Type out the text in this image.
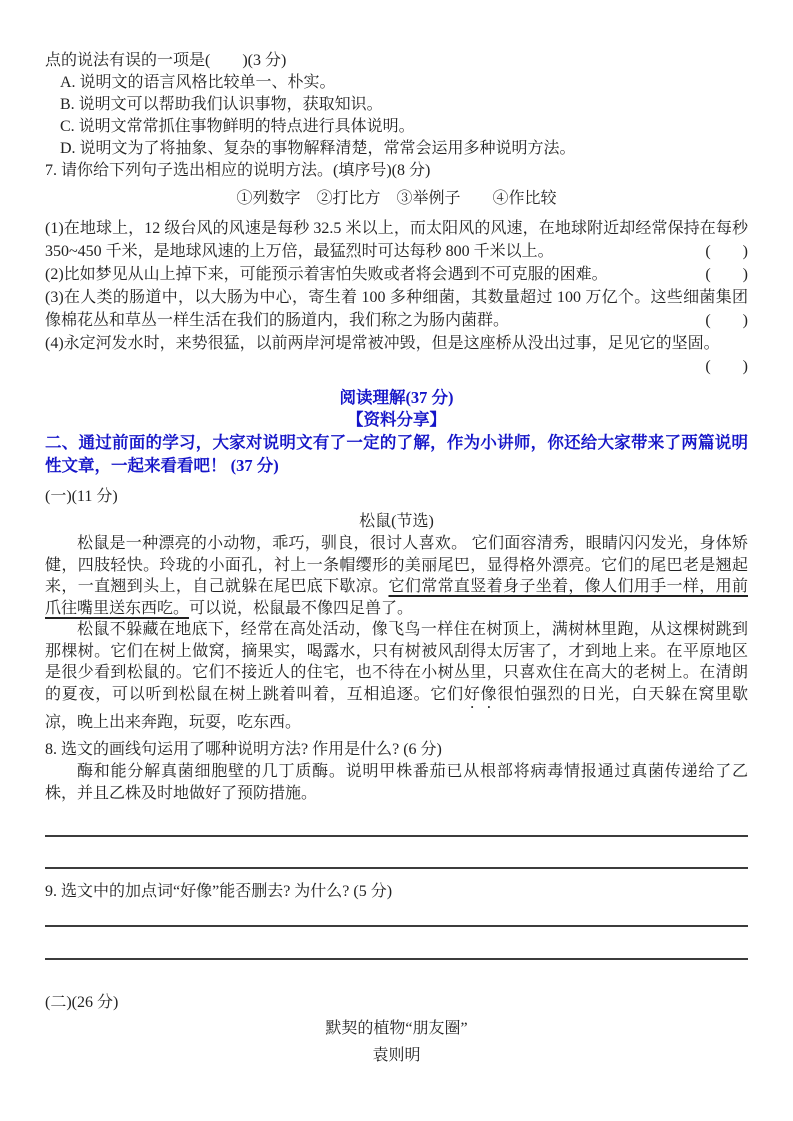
点的说法有误的一项是(　　)(3 分)

A. 说明文的语言风格比较单一、朴实。

B. 说明文可以帮助我们认识事物，获取知识。

C. 说明文常常抓住事物鲜明的特点进行具体说明。

D. 说明文为了将抽象、复杂的事物解释清楚，常常会运用多种说明方法。

7. 请你给下列句子选出相应的说明方法。(填序号)(8 分)

①列数字　②打比方　③举例子　　④作比较

(1)在地球上，12 级台风的风速是每秒 32.5 米以上，而太阳风的风速，在地球附近却经常保持在每秒 350~450 千米，是地球风速的上万倍，最猛烈时可达每秒 800 千米以上。	(　　)

(2)比如梦见从山上掉下来，可能预示着害怕失败或者将会遇到不可克服的困难。	(　　)

(3)在人类的肠道中，以大肠为中心，寄生着 100 多种细菌，其数量超过 100 万亿个。这些细菌集团像棉花丛和草丛一样生活在我们的肠道内，我们称之为肠内菌群。	(　　)

(4)永定河发水时，来势很猛，以前两岸河堤常被冲毁，但是这座桥从没出过事，足见它的坚固。
(　　)

阅读理解(37 分)
【资料分享】

二、通过前面的学习，大家对说明文有了一定的了解，作为小讲师，你还给大家带来了两篇说明性文章，一起来看看吧！ (37 分)

(一)(11 分)

松鼠(节选)

松鼠是一种漂亮的小动物，乖巧，驯良，很讨人喜欢。 它们面容清秀，眼睛闪闪发光，身体矫健，四肢轻快。玲珑的小面孔，衬上一条帽缨形的美丽尾巴，显得格外漂亮。它们的尾巴老是翘起来，一直翘到头上，自己就躲在尾巴底下歇凉。它们常常直竖着身子坐着，像人们用手一样，用前爪往嘴里送东西吃。可以说，松鼠最不像四足兽了。

松鼠不躲藏在地底下，经常在高处活动，像飞鸟一样住在树顶上，满树林里跑，从这棵树跳到那棵树。它们在树上做窝，摘果实，喝露水，只有树被风刮得太厉害了，才到地上来。在平原地区是很少看到松鼠的。它们不接近人的住宅，也不待在小树丛里，只喜欢住在高大的老树上。在清朗的夏夜，可以听到松鼠在树上跳着叫着，互相追逐。它们好像很怕强烈的日光，白天躲在窝里歇凉，晚上出来奔跑，玩耍，吃东西。

8. 选文的画线句运用了哪种说明方法? 作用是什么? (6 分)

酶和能分解真菌细胞壁的几丁质酶。说明甲株番茄已从根部将病毒情报通过真菌传递给了乙株，并且乙株及时地做好了预防措施。

9. 选文中的加点词“好像”能否删去? 为什么? (5 分)

(二)(26 分)

默契的植物“朋友圈”

袁则明
